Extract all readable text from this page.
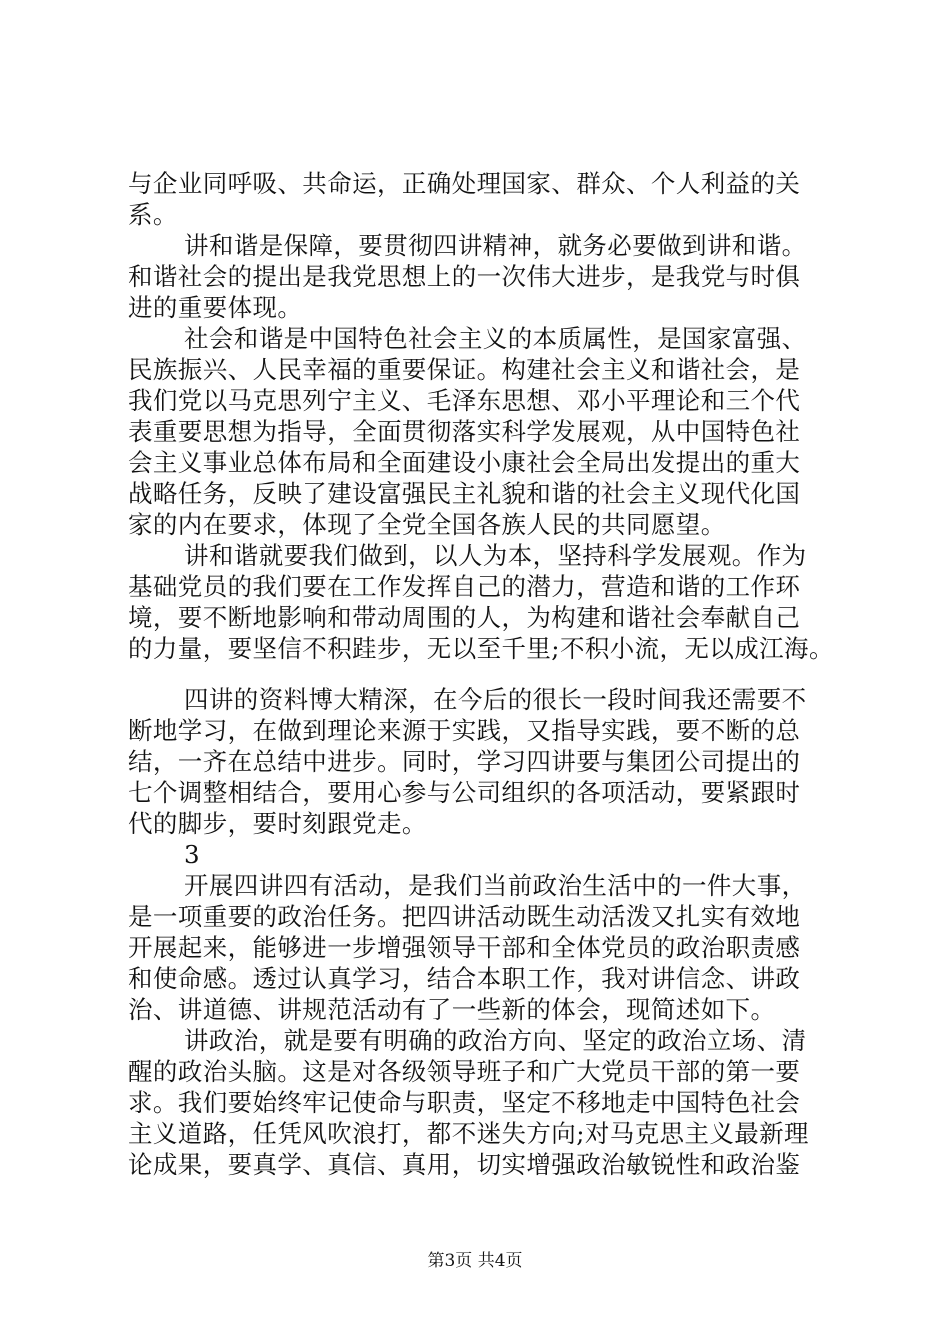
与企业同呼吸、共命运，正确处理国家、群众、个人利益的关
系。
讲和谐是保障，要贯彻四讲精神，就务必要做到讲和谐。
和谐社会的提出是我党思想上的一次伟大进步，是我党与时俱
进的重要体现。
社会和谐是中国特色社会主义的本质属性，是国家富强、
民族振兴、人民幸福的重要保证。构建社会主义和谐社会，是
我们党以马克思列宁主义、毛泽东思想、邓小平理论和三个代
表重要思想为指导，全面贯彻落实科学发展观，从中国特色社
会主义事业总体布局和全面建设小康社会全局出发提出的重大
战略任务，反映了建设富强民主礼貌和谐的社会主义现代化国
家的内在要求，体现了全党全国各族人民的共同愿望。
讲和谐就要我们做到，以人为本，坚持科学发展观。作为
基础党员的我们要在工作发挥自己的潜力，营造和谐的工作环
境，要不断地影响和带动周围的人，为构建和谐社会奉献自己
的力量，要坚信不积跬步，无以至千里;不积小流，无以成江海。
四讲的资料博大精深，在今后的很长一段时间我还需要不
断地学习，在做到理论来源于实践，又指导实践，要不断的总
结，一齐在总结中进步。同时，学习四讲要与集团公司提出的
七个调整相结合，要用心参与公司组织的各项活动，要紧跟时
代的脚步，要时刻跟党走。
3
开展四讲四有活动，是我们当前政治生活中的一件大事，
是一项重要的政治任务。把四讲活动既生动活泼又扎实有效地
开展起来，能够进一步增强领导干部和全体党员的政治职责感
和使命感。透过认真学习，结合本职工作，我对讲信念、讲政
治、讲道德、讲规范活动有了一些新的体会，现简述如下。
讲政治，就是要有明确的政治方向、坚定的政治立场、清
醒的政治头脑。这是对各级领导班子和广大党员干部的第一要
求。我们要始终牢记使命与职责，坚定不移地走中国特色社会
主义道路，任凭风吹浪打，都不迷失方向;对马克思主义最新理
论成果，要真学、真信、真用，切实增强政治敏锐性和政治鉴
第3页 共4页
